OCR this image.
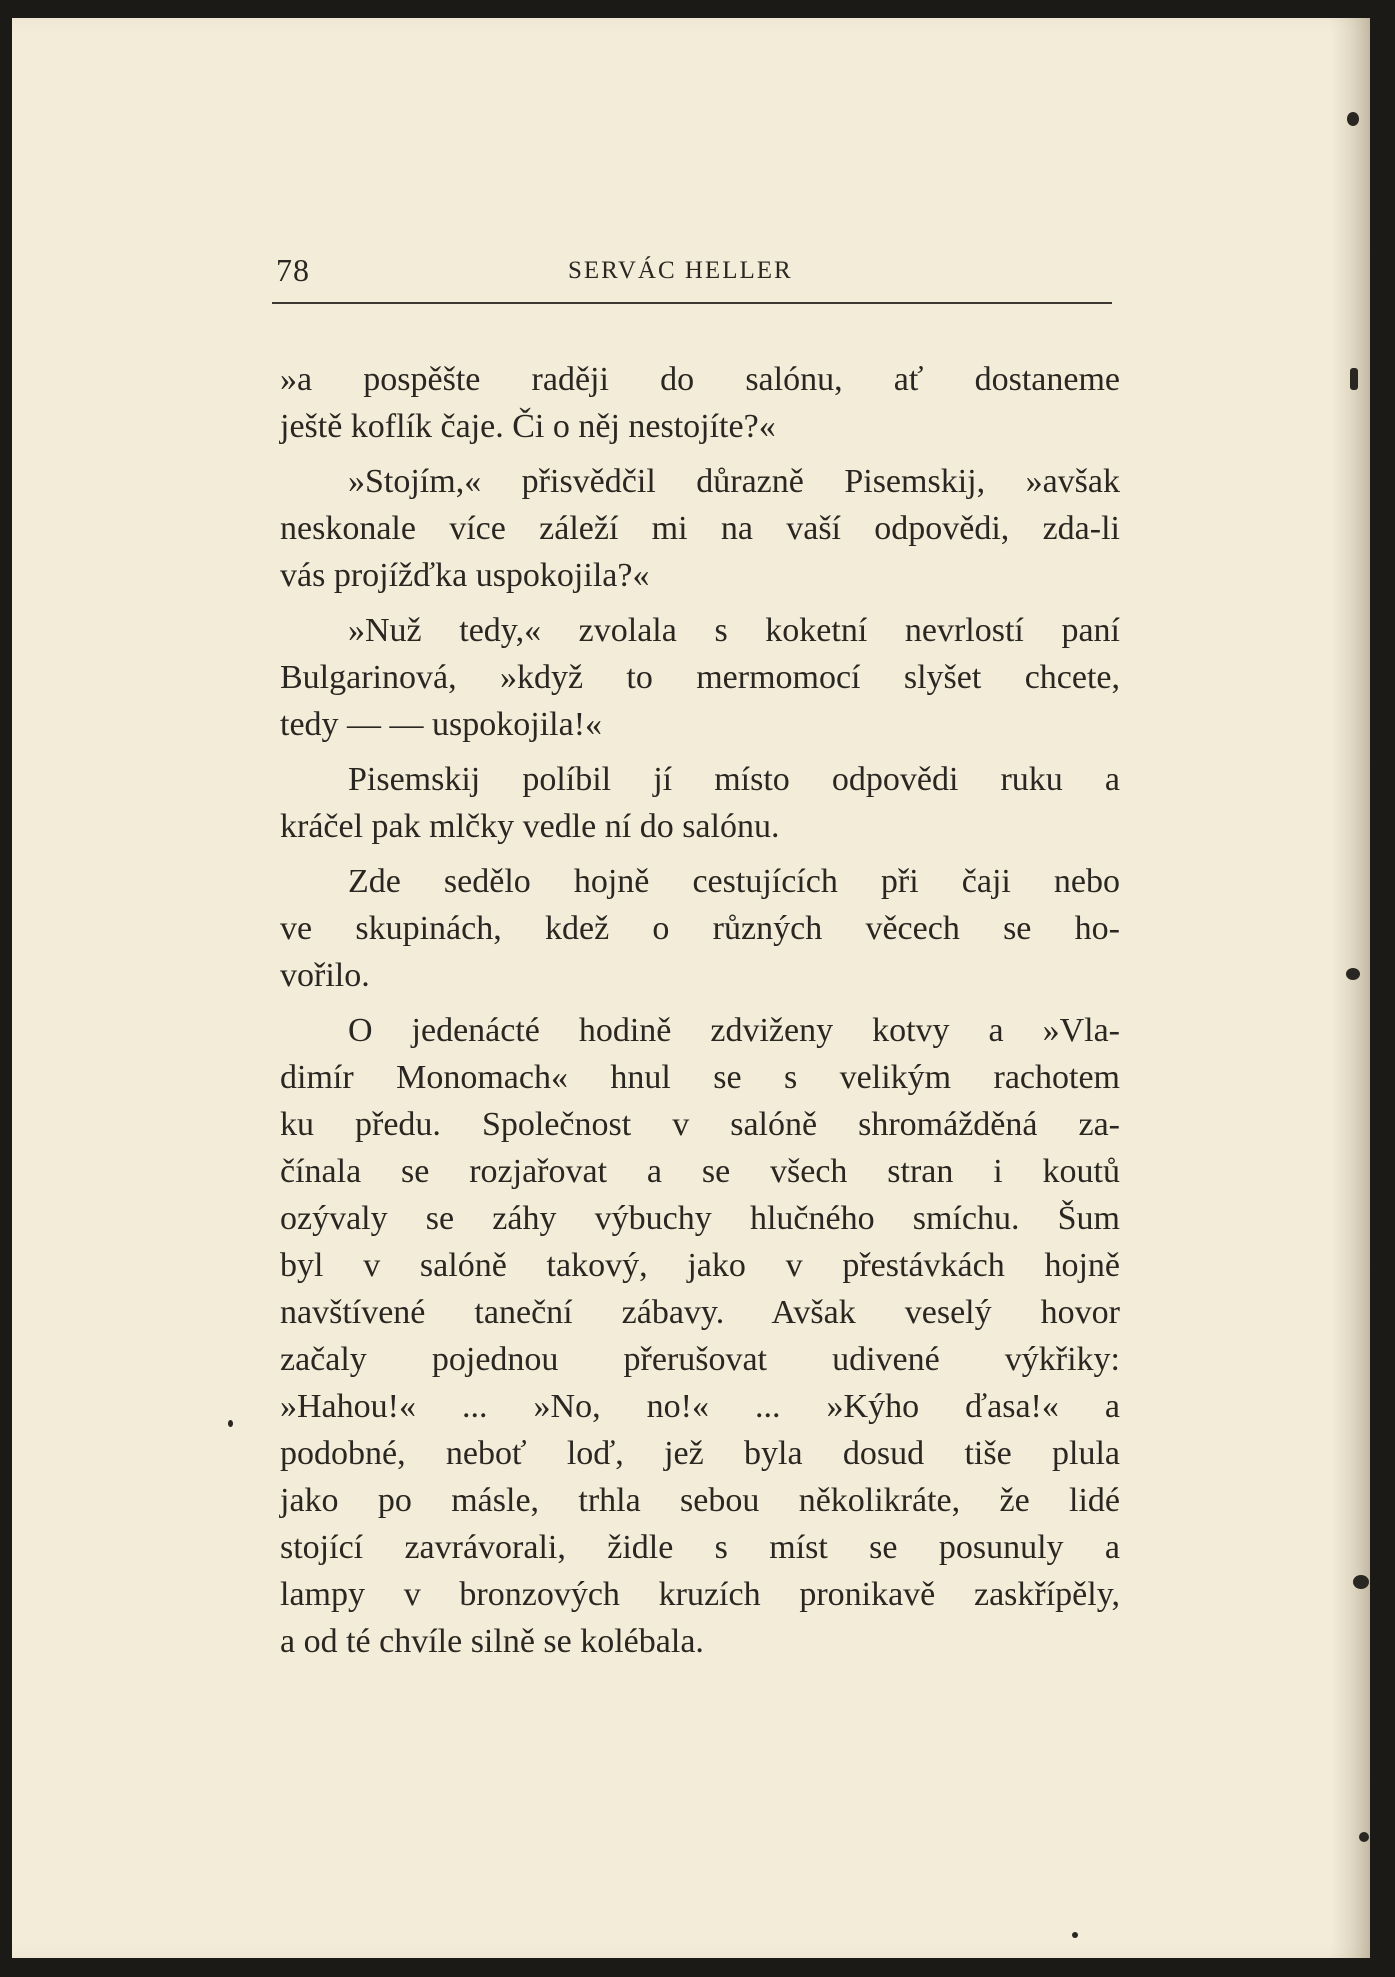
78	SERVÁC HELLER

»a pospěšte raději do salónu, ať dostaneme
ještě koflík čaje. Či o něj nestojíte?«

»Stojím,« přisvědčil důrazně Pisemskij, »avšak
neskonale více záleží mi na vaší odpovědi, zda-li
vás projížďka uspokojila?«

»Nuž tedy,« zvolala s koketní nevrlostí paní
Bulgarinová, »když to mermomocí slyšet chcete,
tedy — — uspokojila!«

Pisemskij políbil jí místo odpovědi ruku a
kráčel pak mlčky vedle ní do salónu.

Zde sedělo hojně cestujících při čaji nebo
ve skupinách, kdež o různých věcech se ho-
vořilo.

O jedenácté hodině zdviženy kotvy a »Vla-
dimír Monomach« hnul se s velikým rachotem
ku předu. Společnost v salóně shromážděná za-
čínala se rozjařovat a se všech stran i koutů
ozývaly se záhy výbuchy hlučného smíchu. Šum
byl v salóně takový, jako v přestávkách hojně
navštívené taneční zábavy. Avšak veselý hovor
začaly pojednou přerušovat udivené výkřiky:
»Hahou!« ... »No, no!« ... »Kýho ďasa!« a
podobné, neboť loď, jež byla dosud tiše plula
jako po másle, trhla sebou několikráte, že lidé
stojící zavrávorali, židle s míst se posunuly a
lampy v bronzových kruzích pronikavě zaskřípěly,
a od té chvíle silně se kolébala.
